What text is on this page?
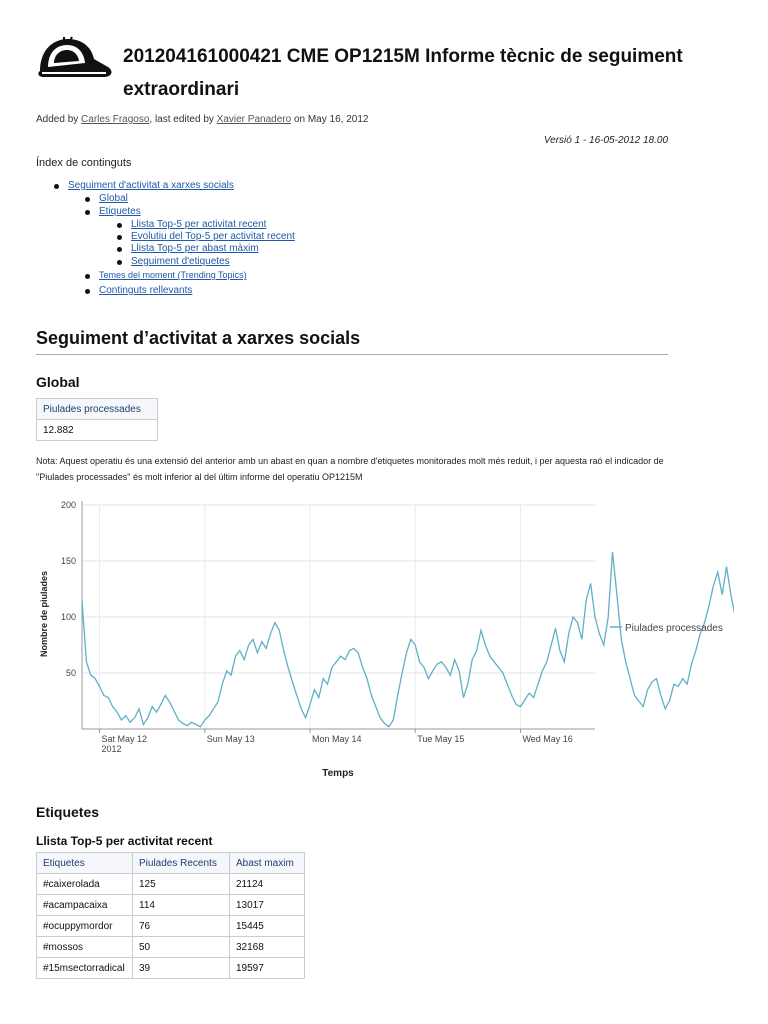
201204161000421 CME OP1215M Informe tècnic de seguiment extraordinari
Added by Carles Fragoso, last edited by Xavier Panadero on May 16, 2012
Versió 1 - 16-05-2012 18.00
Índex de continguts
Seguiment d'activitat a xarxes socials
Global
Etiquetes
Llista Top-5 per activitat recent
Evolutiu del Top-5 per activitat recent
Llista Top-5 per abast màxim
Seguiment d'etiquetes
Temes del moment (Trending Topics)
Continguts rellevants
Seguiment d’activitat a xarxes socials
Global
Piulades processades
12.882
Nota: Aquest operatiu és una extensió del anterior amb un abast en quan a nombre d'etiquetes monitorades molt més reduit, i per aquesta raó el indicador de
"Piulades processades" és molt inferior al del últim informe del operatiu OP1215M
50
100
150
200
Sat May 12
2012
Sun May 13	Mon May 14	Tue May 15	Wed May 16
Piulades processades
Nombre de piulades
Temps
Etiquetes
Llista Top-5 per activitat recent
Etiquetes	Piulades Recents	Abast maxim
#caixerolada	125	21124
#acampacaixa	114	13017
#ocuppymordor	76	15445
#mossos	50	32168
#15msectorradical	39	19597
